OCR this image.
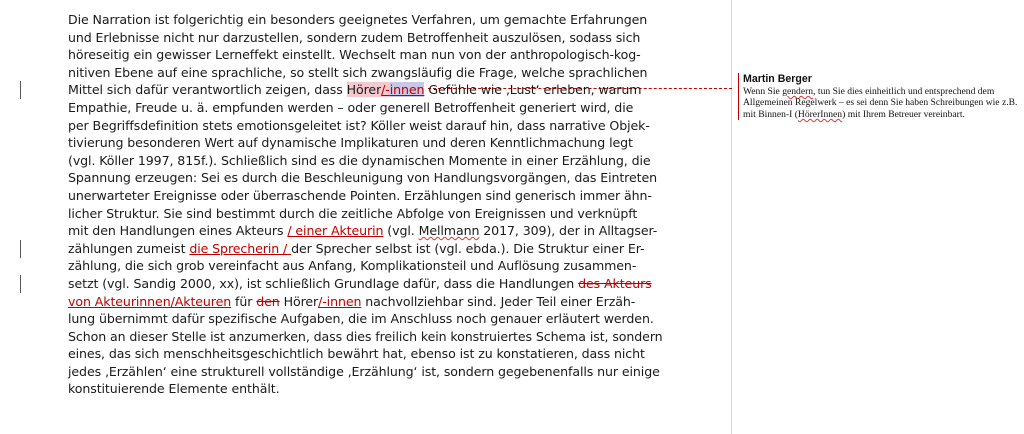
Die Narration ist folgerichtig ein besonders geeignetes Verfahren, um gemachte Erfahrungen
und Erlebnisse nicht nur darzustellen, sondern zudem Betroffenheit auszulösen, sodass sich
höreseitig ein gewisser Lerneffekt einstellt. Wechselt man nun von der anthropologisch-kog-
nitiven Ebene auf eine sprachliche, so stellt sich zwangsläufig die Frage, welche sprachlichen
Mittel sich dafür verantwortlich zeigen, dass Hörer/-innen Gefühle wie ‚Lust‘ erleben, warum
Empathie, Freude u. ä. empfunden werden – oder generell Betroffenheit generiert wird, die
per Begriffsdefinition stets emotionsgeleitet ist? Köller weist darauf hin, dass narrative Objek-
tivierung besonderen Wert auf dynamische Implikaturen und deren Kenntlichmachung legt
(vgl. Köller 1997, 815f.). Schließlich sind es die dynamischen Momente in einer Erzählung, die
Spannung erzeugen: Sei es durch die Beschleunigung von Handlungsvorgängen, das Eintreten
unerwarteter Ereignisse oder überraschende Pointen. Erzählungen sind generisch immer ähn-
licher Struktur. Sie sind bestimmt durch die zeitliche Abfolge von Ereignissen und verknüpft
mit den Handlungen eines Akteurs / einer Akteurin (vgl. Mellmann 2017, 309), der in Alltagser-
zählungen zumeist die Sprecherin / der Sprecher selbst ist (vgl. ebda.). Die Struktur einer Er-
zählung, die sich grob vereinfacht aus Anfang, Komplikationsteil und Auflösung zusammen-
setzt (vgl. Sandig 2000, xx), ist schließlich Grundlage dafür, dass die Handlungen des Akteurs
von Akteurinnen/Akteuren für den Hörer/-innen nachvollziehbar sind. Jeder Teil einer Erzäh-
lung übernimmt dafür spezifische Aufgaben, die im Anschluss noch genauer erläutert werden.
Schon an dieser Stelle ist anzumerken, dass dies freilich kein konstruiertes Schema ist, sondern
eines, das sich menschheitsgeschichtlich bewährt hat, ebenso ist zu konstatieren, dass nicht
jedes ‚Erzählen‘ eine strukturell vollständige ‚Erzählung‘ ist, sondern gegebenenfalls nur einige
konstituierende Elemente enthält.
Martin Berger
Wenn Sie gendern, tun Sie dies einheitlich und entsprechend dem Allgemeinen Regelwerk – es sei denn Sie haben Schreibungen wie z.B. mit Binnen-I (HörerInnen) mit Ihrem Betreuer vereinbart.
